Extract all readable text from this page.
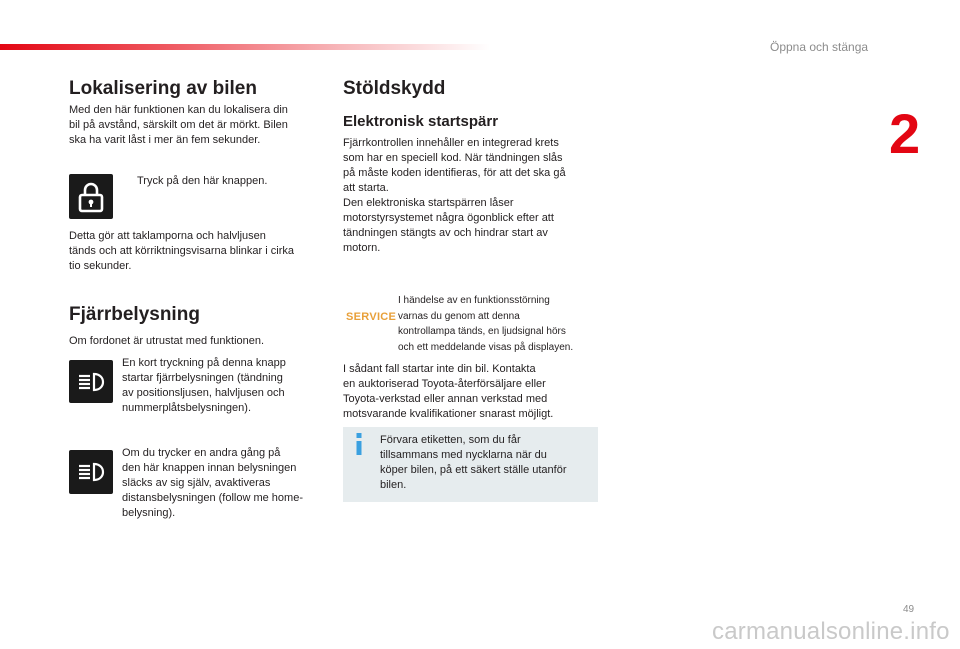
Öppna och stänga
2
Lokalisering av bilen
Med den här funktionen kan du lokalisera din
bil på avstånd, särskilt om det är mörkt. Bilen
ska ha varit låst i mer än fem sekunder.
Tryck på den här knappen.
Detta gör att taklamporna och halvljusen
tänds och att körriktningsvisarna blinkar i cirka
tio sekunder.
Fjärrbelysning
Om fordonet är utrustat med funktionen.
En kort tryckning på denna knapp
startar fjärrbelysningen (tändning
av positionsljusen, halvljusen och
nummerplåtsbelysningen).
Om du trycker en andra gång på
den här knappen innan belysningen
släcks av sig själv, avaktiveras
distansbelysningen (follow me home-
belysning).
Stöldskydd
Elektronisk startspärr
Fjärrkontrollen innehåller en integrerad krets
som har en speciell kod. När tändningen slås
på måste koden identifieras, för att det ska gå
att starta.
Den elektroniska startspärren låser
motorstyrsystemet några ögonblick efter att
tändningen stängts av och hindrar start av
motorn.
SERVICE
I händelse av en funktionsstörning
varnas du genom att denna
kontrollampa tänds, en ljudsignal hörs
och ett meddelande visas på displayen.
I sådant fall startar inte din bil. Kontakta
en auktoriserad Toyota-återförsäljare eller
Toyota-verkstad eller annan verkstad med
motsvarande kvalifikationer snarast möjligt.
Förvara etiketten, som du får
tillsammans med nycklarna när du
köper bilen, på ett säkert ställe utanför
bilen.
49
carmanualsonline.info
